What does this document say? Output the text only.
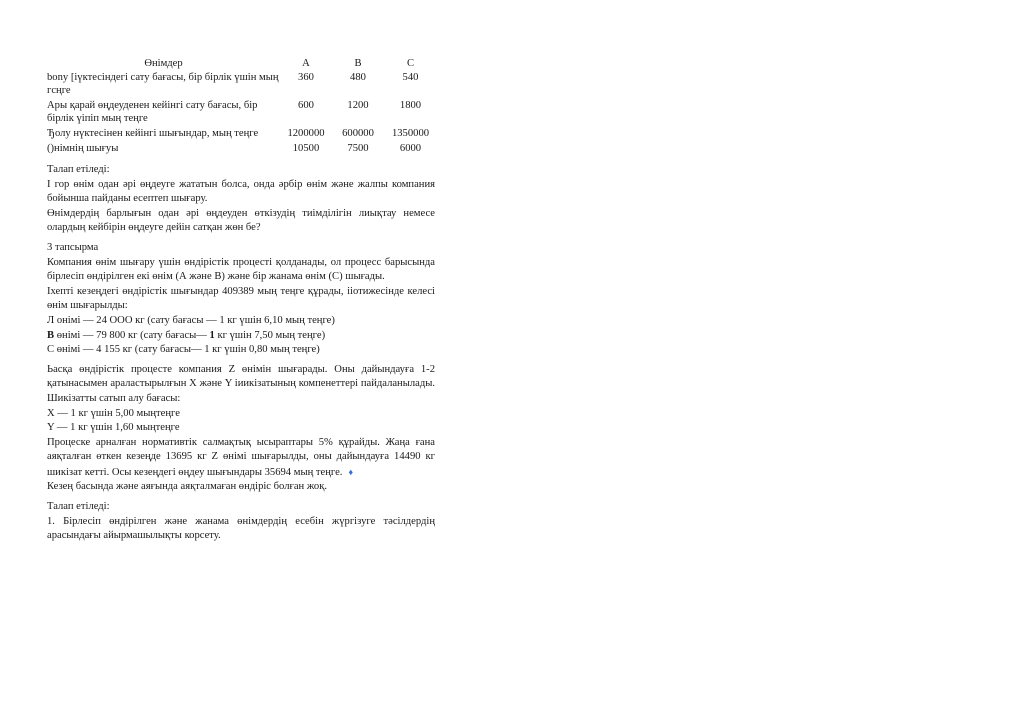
Өнімдер	А	В	С
bony [іүктесіндегі сату бағасы, бір бірлік үшін мың гсңге	360	480	540
Ары қарай өңдеуденен кейінгі сату бағасы, бір бірлік үіпіп мың теңге	600	1200	1800
Ђолу нүктесінен кейінгі шығындар, мың теңге	1200000	600000	1350000
()німнің шығуы	10500	7500	6000

Талап етіледі:

I гор өнім одан әрі өңдеуге жататын болса, онда әрбір өнім және жалпы компания бойынша пайданы есептеп шығару.

Өнімдердің барлығын одан әрі өңдеуден өткізудің тиімділігін лиықтау немесе олардың кейбірін өңдеуге дейін сатқан жөн бе?

3 тапсырма

Компания өнім шығару үшін өндірістік процесті қолданады, ол процесс барысында бірлесіп өндірілген екі өнім (А және В) және бір жанама өнім (С) шығады.

Іхепті кезеңдегі өндірістік шығындар 409389 мың теңге құрады, ііотижесінде келесі өнім шығарылды:

Л онімі — 24 ООО кг (сату бағасы — 1 кг үшін 6,10 мың теңге)

В өнімі — 79 800 кг (сату бағасы— 1 кг үшін 7,50 мың теңге)

С өнімі — 4 155 кг (сату бағасы— 1 кг үшін 0,80 мың теңге)

Ьасқа өндірістік процесте компания Z өнімін шығарады. Оны дайындауға 1-2 қатынасымен араластырылғын X және Y іиикізатының компенеттері пайдаланылады. Шикізатты сатып алу бағасы:

X — 1 кг үшін 5,00 мыңтеңге

Y — 1 кг үшін 1,60 мыңтеңге

Процеске арналған нормативтік салмақтық ысыраптары 5% құрайды. Жаңа ғана аяқталған өткен кезеңде 13695 кг Z өнімі шығарылды, оны дайындауға 14490 кг шикізат кетті. Осы кезеңдегі өңдеу шығындары 35694 мың теңге. ♦

Кезең басында және аяғында аяқталмаған өндіріс болған жоқ.

Талап етіледі:

1. Бірлесіп өндірілген және жанама өнімдердің есебін жүргізуге тәсілдердің арасындағы айырмашылықты корсету.
